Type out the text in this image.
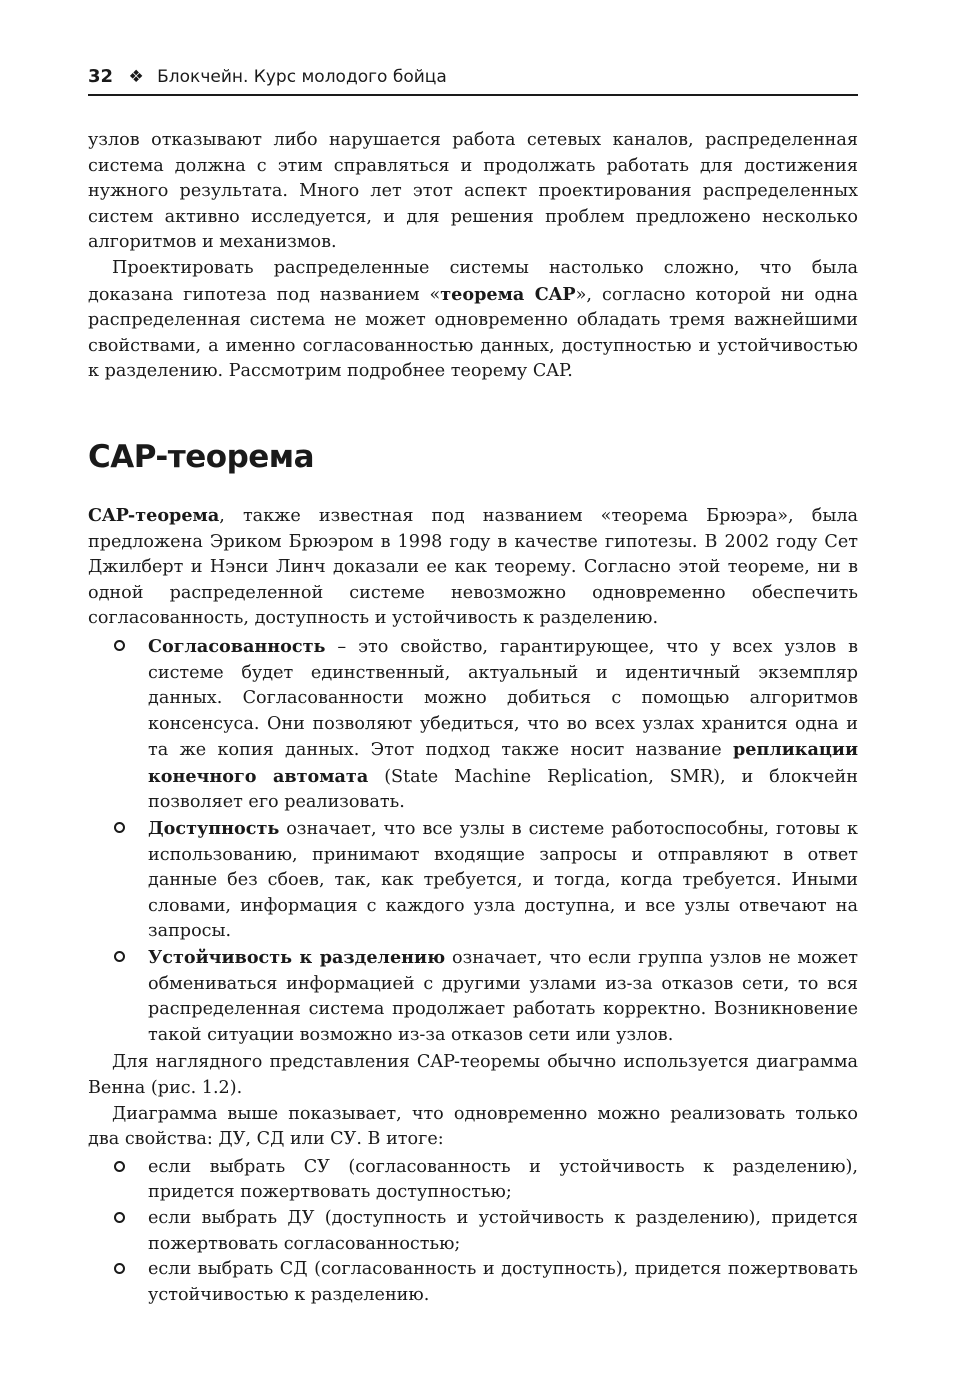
32 ❖ Блокчейн. Курс молодого бойца

узлов отказывают либо нарушается работа сетевых каналов, распределенная система должна с этим справляться и продолжать работать для достижения нужного результата. Много лет этот аспект проектирования распределенных систем активно исследуется, и для решения проблем предложено несколько алгоритмов и механизмов.

Проектировать распределенные системы настолько сложно, что была доказана гипотеза под названием «теорема CAP», согласно которой ни одна распределенная система не может одновременно обладать тремя важнейшими свойствами, а именно согласованностью данных, доступностью и устойчивостью к разделению. Рассмотрим подробнее теорему CAP.

CAP-теорема

CAP-теорема, также известная под названием «теорема Брюэра», была предложена Эриком Брюэром в 1998 году в качестве гипотезы. В 2002 году Сет Джилберт и Нэнси Линч доказали ее как теорему. Согласно этой теореме, ни в одной распределенной системе невозможно одновременно обеспечить согласованность, доступность и устойчивость к разделению.

Согласованность – это свойство, гарантирующее, что у всех узлов в системе будет единственный, актуальный и идентичный экземпляр данных. Согласованности можно добиться с помощью алгоритмов консенсуса. Они позволяют убедиться, что во всех узлах хранится одна и та же копия данных. Этот подход также носит название репликации конечного автомата (State Machine Replication, SMR), и блокчейн позволяет его реализовать.
Доступность означает, что все узлы в системе работоспособны, готовы к использованию, принимают входящие запросы и отправляют в ответ данные без сбоев, так, как требуется, и тогда, когда требуется. Иными словами, информация с каждого узла доступна, и все узлы отвечают на запросы.
Устойчивость к разделению означает, что если группа узлов не может обмениваться информацией с другими узлами из-за отказов сети, то вся распределенная система продолжает работать корректно. Возникновение такой ситуации возможно из-за отказов сети или узлов.

Для наглядного представления CAP-теоремы обычно используется диаграмма Венна (рис. 1.2).

Диаграмма выше показывает, что одновременно можно реализовать только два свойства: ДУ, СД или СУ. В итоге:

если выбрать СУ (согласованность и устойчивость к разделению), придется пожертвовать доступностью;
если выбрать ДУ (доступность и устойчивость к разделению), придется пожертвовать согласованностью;
если выбрать СД (согласованность и доступность), придется пожертвовать устойчивостью к разделению.
